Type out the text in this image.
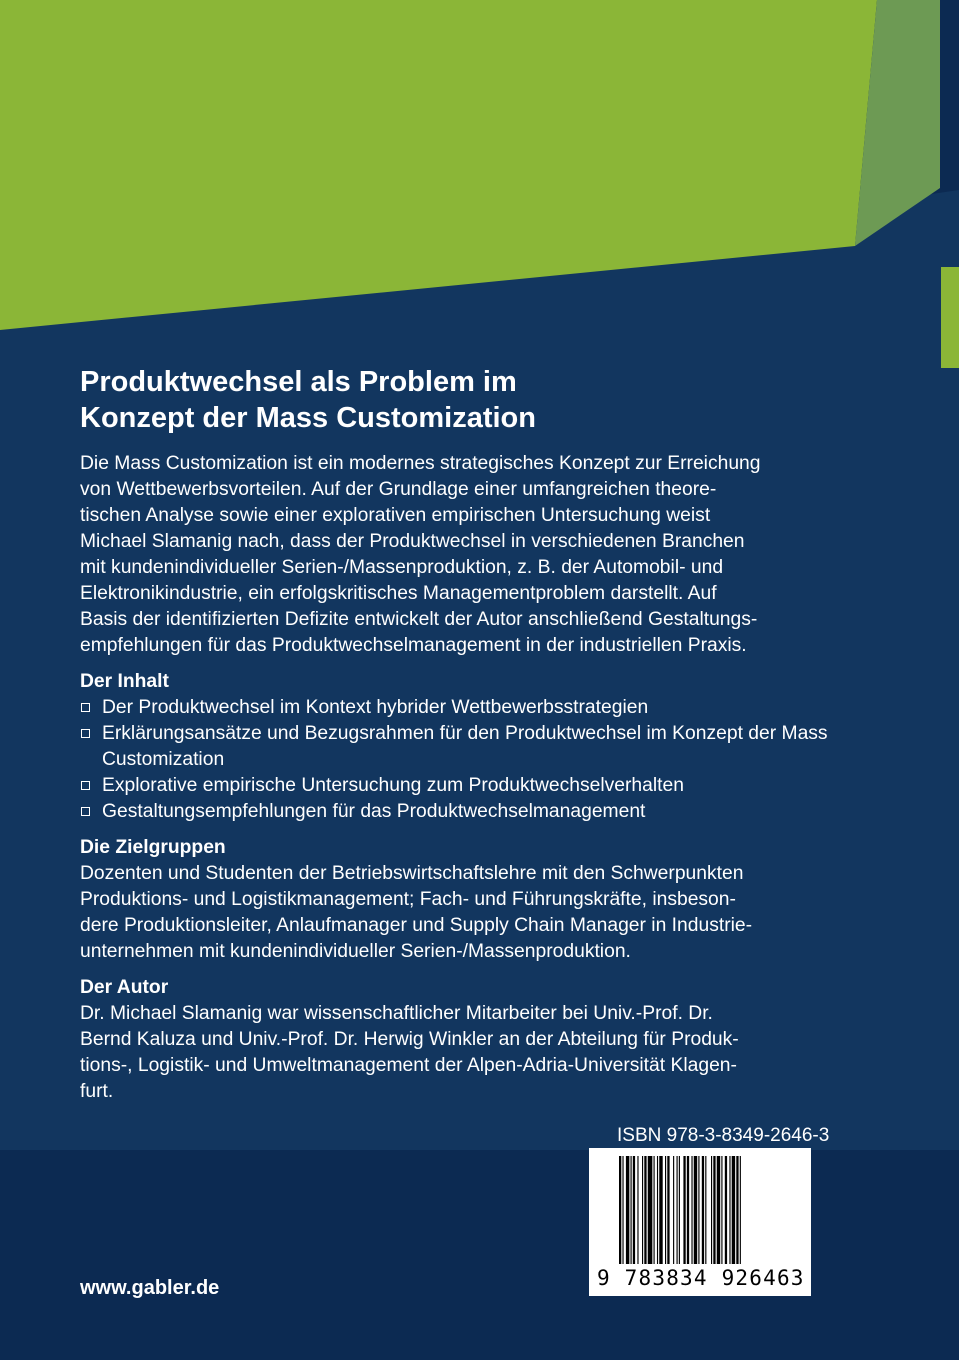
Produktwechsel als Problem im
Konzept der Mass Customization

Die Mass Customization ist ein modernes strategisches Konzept zur Erreichung
von Wettbewerbsvorteilen. Auf der Grundlage einer umfangreichen theore-
tischen Analyse sowie einer explorativen empirischen Untersuchung weist
Michael Slamanig nach, dass der Produktwechsel in verschiedenen Branchen
mit kundenindividueller Serien-/Massenproduktion, z. B. der Automobil- und
Elektronikindustrie, ein erfolgskritisches Managementproblem darstellt. Auf
Basis der identifizierten Defizite entwickelt der Autor anschließend Gestaltungs-
empfehlungen für das Produktwechselmanagement in der industriellen Praxis.

Der Inhalt

Der Produktwechsel im Kontext hybrider Wettbewerbsstrategien
Erklärungsansätze und Bezugsrahmen für den Produktwechsel im Konzept der Mass Customization
Explorative empirische Untersuchung zum Produktwechselverhalten
Gestaltungsempfehlungen für das Produktwechselmanagement

Die Zielgruppen

Dozenten und Studenten der Betriebswirtschaftslehre mit den Schwerpunkten
Produktions- und Logistikmanagement; Fach- und Führungskräfte, insbeson-
dere Produktionsleiter, Anlaufmanager und Supply Chain Manager in Industrie-
unternehmen mit kundenindividueller Serien-/Massenproduktion.

Der Autor

Dr. Michael Slamanig war wissenschaftlicher Mitarbeiter bei Univ.-Prof. Dr.
Bernd Kaluza und Univ.-Prof. Dr. Herwig Winkler an der Abteilung für Produk-
tions-, Logistik- und Umweltmanagement der Alpen-Adria-Universität Klagen-
furt.

ISBN 978-3-8349-2646-3
9 783834 926463
www.gabler.de
